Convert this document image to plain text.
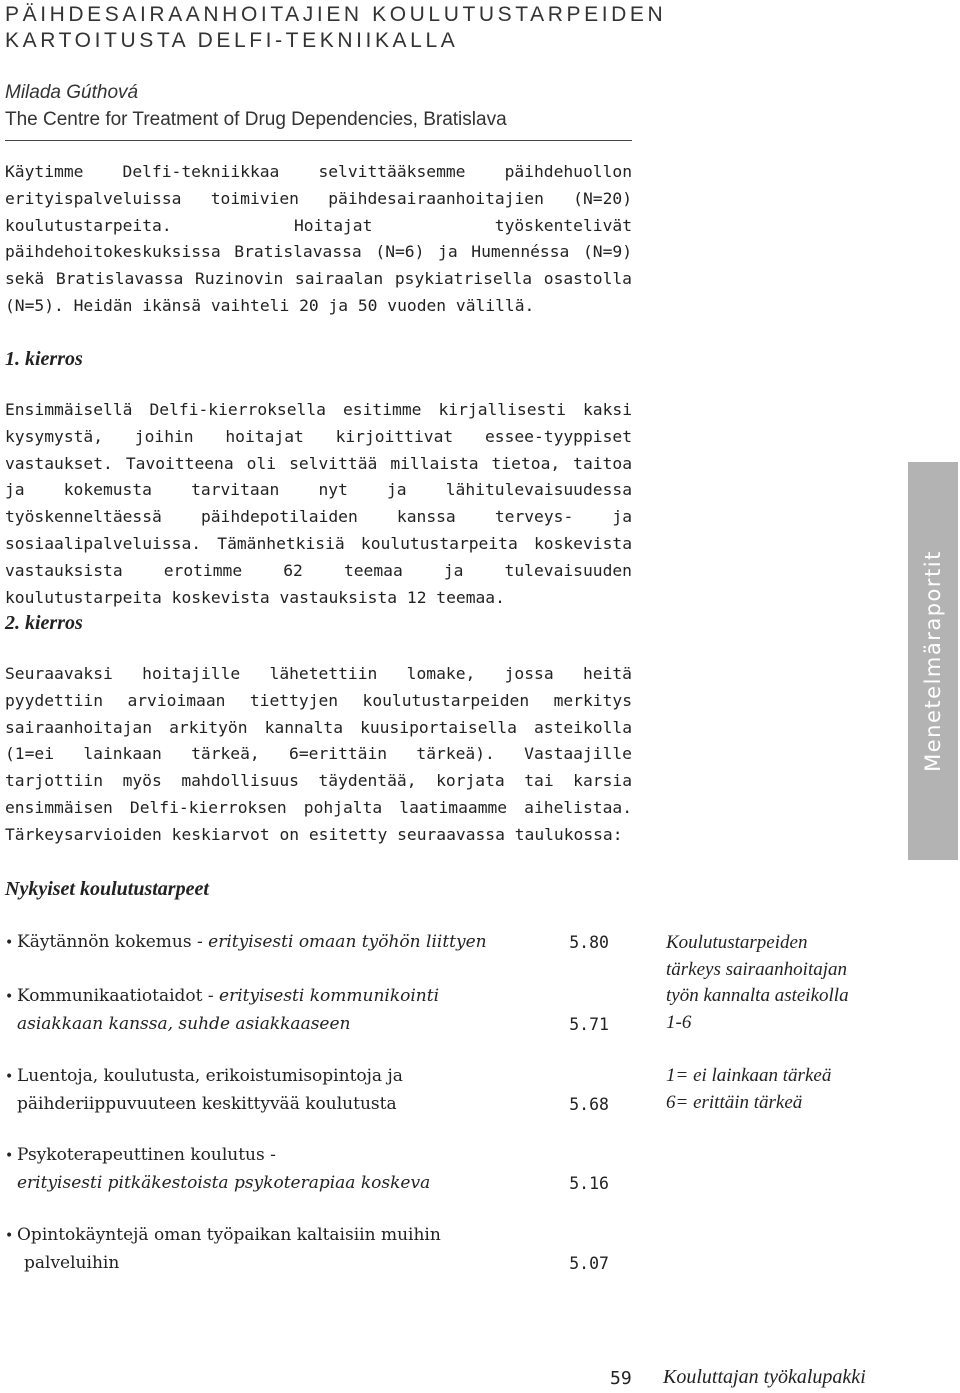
PÄIHDESAIRAANHOITAJIEN KOULUTUSTARPEIDEN
KARTOITUSTA DELFI-TEKNIIKALLA
Milada Gúthová
The Centre for Treatment of Drug Dependencies, Bratislava
Käytimme Delfi-tekniikkaa selvittääksemme päihdehuollon erityispalveluissa toimivien päihdesairaanhoitajien (N=20) koulutustarpeita. Hoitajat työskentelivät päihdehoitokeskuksissa Bratislavassa (N=6) ja Humennéssa (N=9) sekä Bratislavassa Ruzinovin sairaalan psykiatrisella osastolla (N=5). Heidän ikänsä vaihteli 20 ja 50 vuoden välillä.
1. kierros
Ensimmäisellä Delfi-kierroksella esitimme kirjallisesti kaksi kysymystä, joihin hoitajat kirjoittivat essee-tyyppiset vastaukset. Tavoitteena oli selvittää millaista tietoa, taitoa ja kokemusta tarvitaan nyt ja lähitulevaisuudessa työskenneltäessä päihdepotilaiden kanssa terveys- ja sosiaalipalveluissa. Tämänhetkisiä koulutustarpeita koskevista vastauksista erotimme 62 teemaa ja tulevaisuuden koulutustarpeita koskevista vastauksista 12 teemaa.
2. kierros
Seuraavaksi hoitajille lähetettiin lomake, jossa heitä pyydettiin arvioimaan tiettyjen koulutustarpeiden merkitys sairaanhoitajan arkityön kannalta kuusiportaisella asteikolla (1=ei lainkaan tärkeä, 6=erittäin tärkeä). Vastaajille tarjottiin myös mahdollisuus täydentää, korjata tai karsia ensimmäisen Delfi-kierroksen pohjalta laatimaamme aihelistaa. Tärkeysarvioiden keskiarvot on esitetty seuraavassa taulukossa:
Menetelmäraportit
Nykyiset koulutustarpeet
• Käytännön kokemus - erityisesti omaan työhön liittyen	5.80
• Kommunikaatiotaidot - erityisesti kommunikointi
asiakkaan kanssa, suhde asiakkaaseen	5.71
• Luentoja, koulutusta, erikoistumisopintoja ja
päihderiippuvuuteen keskittyvää koulutusta	5.68
• Psykoterapeuttinen koulutus -
erityisesti pitkäkestoista psykoterapiaa koskeva	5.16
• Opintokäyntejä oman työpaikan kaltaisiin muihin
palveluihin	5.07
Koulutustarpeiden
tärkeys sairaanhoitajan
työn kannalta asteikolla
1-6
1= ei lainkaan tärkeä
6= erittäin tärkeä
59 Kouluttajan työkalupakki
